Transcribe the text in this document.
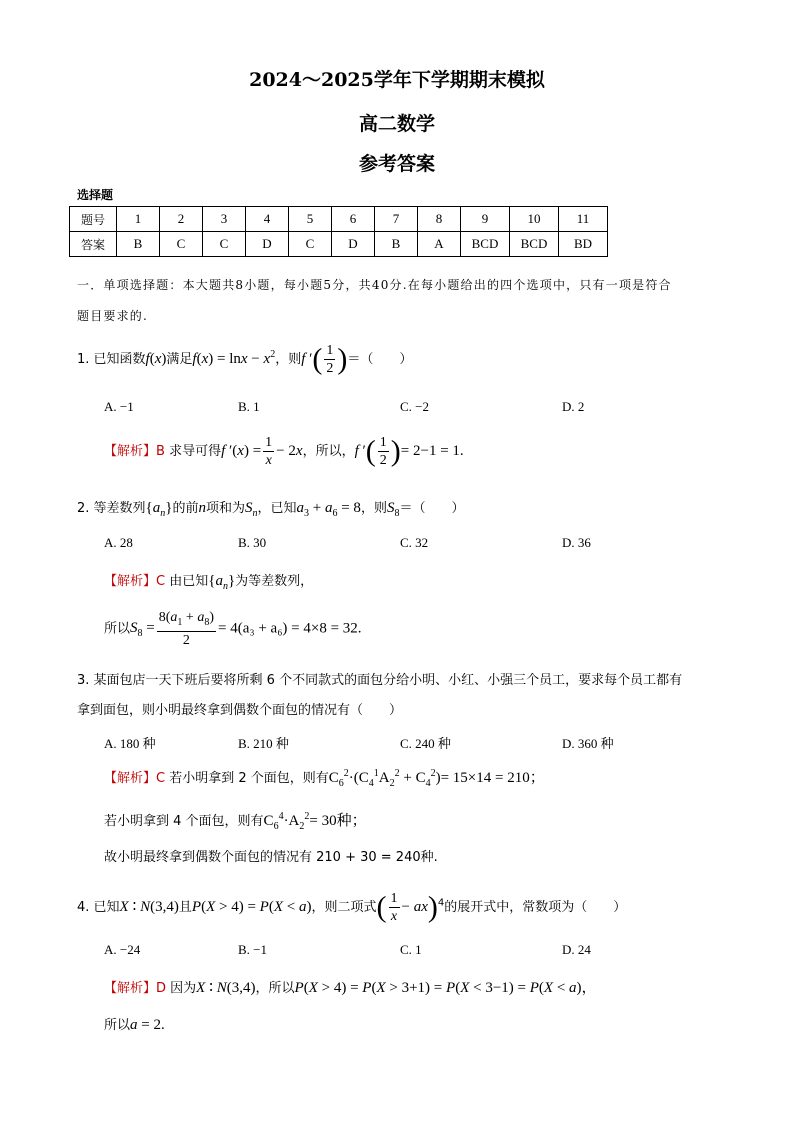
2024～2025学年下学期期末模拟
高二数学
参考答案
选择题
题号	1	2	3	4	5	6	7	8	9	10	11
答案	B	C	C	D	C	D	B	A	BCD	BCD	BD
一．单项选择题：本大题共8小题，每小题5分，共40分.在每小题给出的四个选项中，只有一项是符合
题目要求的.
1. 已知函数f(x)满足$f(x) = \ln x - x^2$，则f ′( $\frac{1}{2}$ )＝（　　）
A. −1	B. 1	C. −2	D. 2
【解析】B 求导可得f $'(x) = \frac{1}{x} - 2x$，所以，f ′( $\frac{1}{2}$ )= 2−1 = 1.
2. 等差数列$\{a_n\}$的前n项和为$S_n$，已知$a_3 + a_6 = 8$，则$S_8=$（　　）
A. 28	B. 30	C. 32	D. 36
【解析】C 由已知$\{a_n\}$为等差数列，
所以$S_8 = \frac{8(a_1 + a_8)}{2} = 4(a_3 + a_6) = 4\times 8 = 32$.
3. 某面包店一天下班后要将所剩 6 个不同款式的面包分给小明、小红、小强三个员工，要求每个员工都有
拿到面包，则小明最终拿到偶数个面包的情况有（　　）
A. 180 种	B. 210 种	C. 240 种	D. 360 种
【解析】C 若小明拿到 2 个面包，则有$C_6^2\cdot(C_4^1A_2^2 + C_4^2)= 15\times 14 = 210$；
若小明拿到 4 个面包，则有$C_6^4\cdot A_2^2= 30$种；
故小明最终拿到偶数个面包的情况有 210 + 30 = 240种.
4. 已知X ∶ N(3,4)且P(X > 4) = P(X < a)，则二项式( $\frac{1}{x} - ax)^4$的展开式中，常数项为（　　）
A. −24	B. −1	C. 1	D. 24
【解析】D 因为X ∶ N(3,4)，所以P(X > 4) = P(X > 3+1) = P(X < 3−1) = P(X < a)，
所以a = 2.
